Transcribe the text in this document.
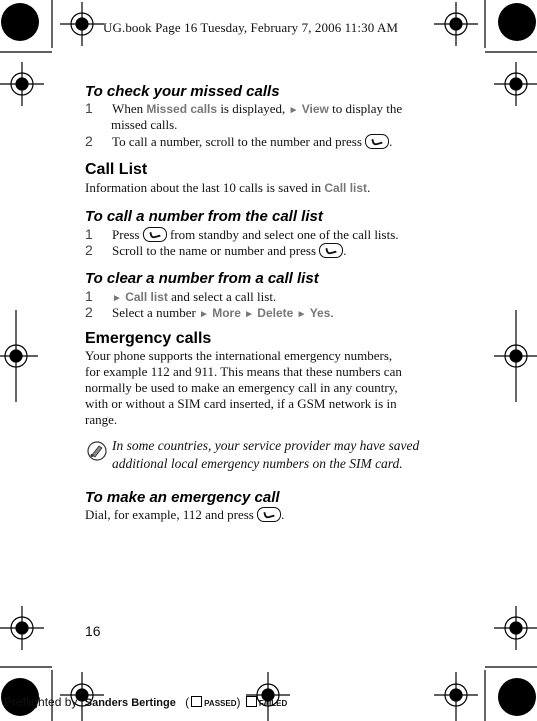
UG.book Page 16 Tuesday, February 7, 2006 11:30 AM
To check your missed calls
1 When Missed calls is displayed, ► View to display the
missed calls.
2 To call a number, scroll to the number and press .
Call List
Information about the last 10 calls is saved in Call list.
To call a number from the call list
1 Press  from standby and select one of the call lists.
2 Scroll to the name or number and press .
To clear a number from a call list
1 ► Call list and select a call list.
2 Select a number ► More ► Delete ► Yes.
Emergency calls
Your phone supports the international emergency numbers,
for example 112 and 911. This means that these numbers can
normally be used to make an emergency call in any country,
with or without a SIM card inserted, if a GSM network is in
range.
In some countries, your service provider may have saved
additional local emergency numbers on the SIM card.
To make an emergency call
Dial, for example, 112 and press .
16
Preflighted by Sanders Bertinge ( PASSED) FAILED
